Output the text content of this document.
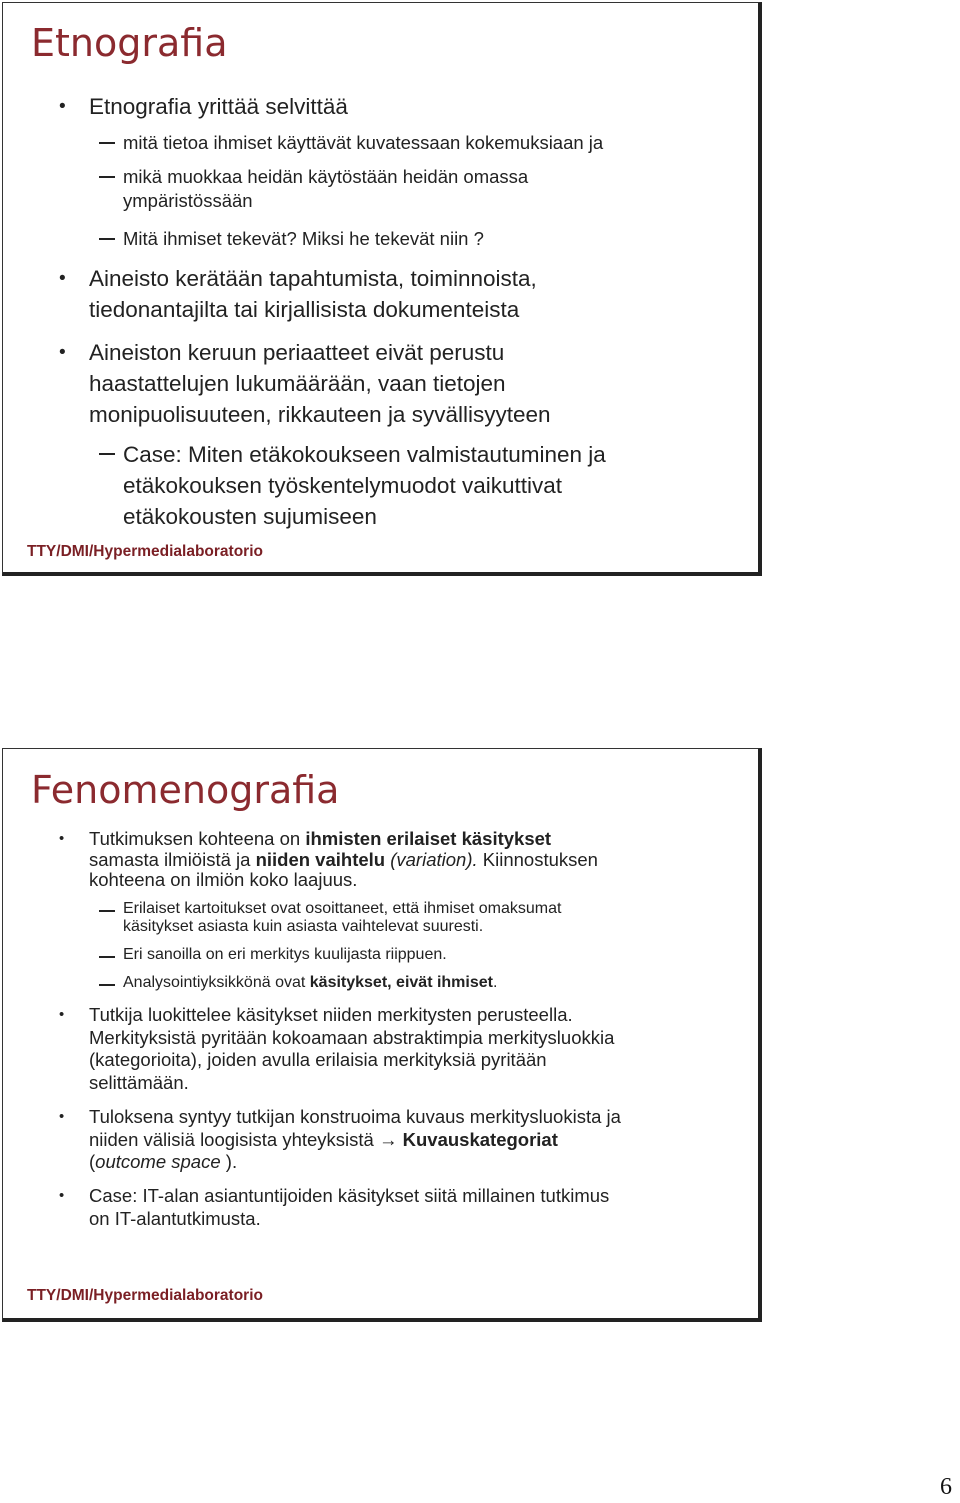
Etnografia
• Etnografia yrittää selvittää
mitä tietoa ihmiset käyttävät kuvatessaan kokemuksiaan ja
mikä muokkaa heidän käytöstään heidän omassa
ympäristössään
Mitä ihmiset tekevät? Miksi he tekevät niin ?
• Aineisto kerätään tapahtumista, toiminnoista,
tiedonantajilta tai kirjallisista dokumenteista
• Aineiston keruun periaatteet eivät perustu
haastattelujen lukumäärään, vaan tietojen
monipuolisuuteen, rikkauteen ja syvällisyyteen
Case: Miten etäkokoukseen valmistautuminen ja
etäkokouksen työskentelymuodot vaikuttivat
etäkokousten sujumiseen
TTY/DMI/Hypermedialaboratorio
Fenomenografia
• Tutkimuksen kohteena on ihmisten erilaiset käsitykset
samasta ilmiöistä ja niiden vaihtelu (variation). Kiinnostuksen
kohteena on ilmiön koko laajuus.
Erilaiset kartoitukset ovat osoittaneet, että ihmiset omaksumat
käsitykset asiasta kuin asiasta vaihtelevat suuresti.
Eri sanoilla on eri merkitys kuulijasta riippuen.
Analysointiyksikkönä ovat käsitykset, eivät ihmiset.
• Tutkija luokittelee käsitykset niiden merkitysten perusteella.
Merkityksistä pyritään kokoamaan abstraktimpia merkitysluokkia
(kategorioita), joiden avulla erilaisia merkityksiä pyritään
selittämään.
• Tuloksena syntyy tutkijan konstruoima kuvaus merkitysluokista ja
niiden välisiä loogisista yhteyksistä → Kuvauskategoriat
(outcome space ).
• Case: IT-alan asiantuntijoiden käsitykset siitä millainen tutkimus
on IT-alantutkimusta.
TTY/DMI/Hypermedialaboratorio
6
